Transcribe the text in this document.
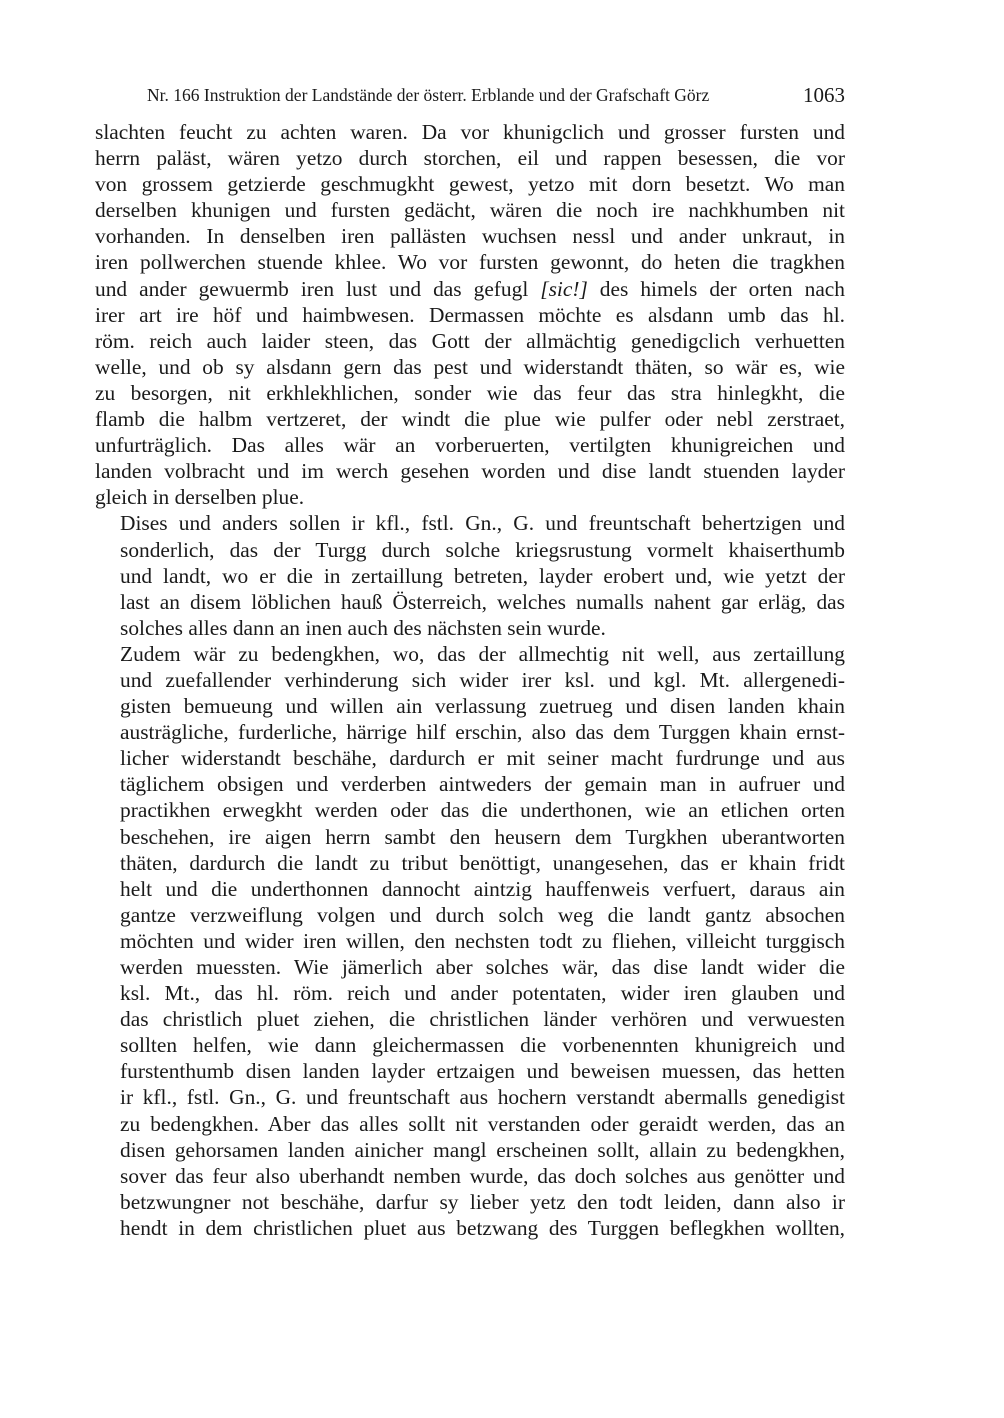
Nr. 166 Instruktion der Landstände der österr. Erblande und der Grafschaft Görz	1063

slachten feucht zu achten waren. Da vor khunigclich und grosser fursten und
herrn paläst, wären yetzo durch storchen, eil und rappen besessen, die vor
von grossem getzierde geschmugkht gewest, yetzo mit dorn besetzt. Wo man
derselben khunigen und fursten gedächt, wären die noch ire nachkhumben nit
vorhanden. In denselben iren pallästen wuchsen nessl und ander unkraut, in
iren pollwerchen stuende khlee. Wo vor fursten gewonnt, do heten die tragkhen
und ander gewuermb iren lust und das gefugl [sic!] des himels der orten nach
irer art ire höf und haimbwesen. Dermassen möchte es alsdann umb das hl.
röm. reich auch laider steen, das Gott der allmächtig genedigclich verhuetten
welle, und ob sy alsdann gern das pest und widerstandt thäten, so wär es, wie
zu besorgen, nit erkhlekhlichen, sonder wie das feur das stra hinlegkht, die
flamb die halbm vertzeret, der windt die plue wie pulfer oder nebl zerstraet,
unfurträglich. Das alles wär an vorberuerten, vertilgten khunigreichen und
landen volbracht und im werch gesehen worden und dise landt stuenden layder
gleich in derselben plue.

Dises und anders sollen ir kfl., fstl. Gn., G. und freuntschaft behertzigen und
sonderlich, das der Turgg durch solche kriegsrustung vormelt khaiserthumb
und landt, wo er die in zertaillung betreten, layder erobert und, wie yetzt der
last an disem löblichen hauß Österreich, welches numalls nahent gar erläg, das
solches alles dann an inen auch des nächsten sein wurde.

Zudem wär zu bedengkhen, wo, das der allmechtig nit well, aus zertaillung
und zuefallender verhinderung sich wider irer ksl. und kgl. Mt. allergenedi-
gisten bemueung und willen ain verlassung zuetrueg und disen landen khain
austrägliche, furderliche, härrige hilf erschin, also das dem Turggen khain ernst-
licher widerstandt beschähe, dardurch er mit seiner macht furdrunge und aus
täglichem obsigen und verderben aintweders der gemain man in aufruer und
practikhen erwegkht werden oder das die underthonen, wie an etlichen orten
beschehen, ire aigen herrn sambt den heusern dem Turgkhen uberantworten
thäten, dardurch die landt zu tribut benöttigt, unangesehen, das er khain fridt
helt und die underthonnen dannocht aintzig hauffenweis verfuert, daraus ain
gantze verzweiflung volgen und durch solch weg die landt gantz absochen
möchten und wider iren willen, den nechsten todt zu fliehen, villeicht turggisch
werden muessten. Wie jämerlich aber solches wär, das dise landt wider die
ksl. Mt., das hl. röm. reich und ander potentaten, wider iren glauben und
das christlich pluet ziehen, die christlichen länder verhören und verwuesten
sollten helfen, wie dann gleichermassen die vorbenennten khunigreich und
furstenthumb disen landen layder ertzaigen und beweisen muessen, das hetten
ir kfl., fstl. Gn., G. und freuntschaft aus hochern verstandt abermalls genedigist
zu bedengkhen. Aber das alles sollt nit verstanden oder geraidt werden, das an
disen gehorsamen landen ainicher mangl erscheinen sollt, allain zu bedengkhen,
sover das feur also uberhandt nemben wurde, das doch solches aus genötter und
betzwungner not beschähe, darfur sy lieber yetz den todt leiden, dann also ir
hendt in dem christlichen pluet aus betzwang des Turggen beflegkhen wollten,
